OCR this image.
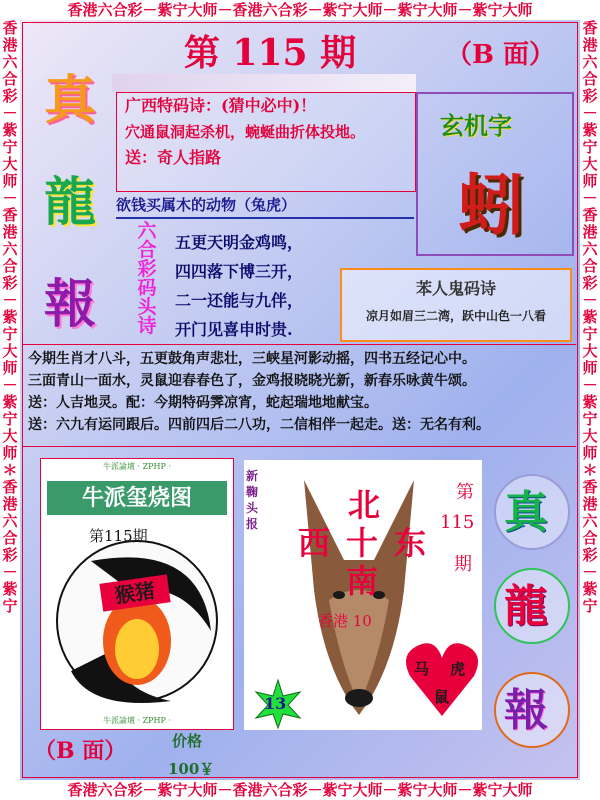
香港六合彩－紫宁大师－香港六合彩－紫宁大师－紫宁大师－紫宁大师
香港六合彩－紫宁大师－香港六合彩－紫宁大师－紫宁大师－紫宁大师
香港六合彩－紫宁大师－香港六合彩－紫宁大师－紫宁大师＊香港六合彩－紫宁
香港六合彩－紫宁大师－香港六合彩－紫宁大师－紫宁大师＊香港六合彩－紫宁
第 115 期	（B 面）
真
龍
報

广西特码诗：(猜中必中)！

穴通鼠洞起杀机，蜿蜒曲折体投地。

送：奇人指路

玄机字
蚓
欲钱买属木的动物（兔虎）
六合彩码头诗
五更天明金鸡鸣，
四四落下博三开，
二一还能与九伴，
开门见喜申时贵.
苯人鬼码诗
凉月如眉三二湾，跃中山色一八看
今期生肖才八斗，五更鼓角声悲壮，三峡星河影动摇，四书五经记心中。
三面青山一面水，灵鼠迎春春色了，金鸡报晓晓光新，新春乐咏黄牛颂。
送：人吉地灵。配：今期特码霁凉宵，蛇起瑞地地献宝。
送：六九有运同跟后。四前四后二八功，二信相伴一起走。送：无名有利。
牛派論壇 · ZPHP ·
牛派玺烧图
第115期
猴猪
牛派論壇 · ZPHP ·
新 鞠 头 报	北
西 十 东
南
香港 10
第
115
期
13
马 虎
鼠
真
龍
報
（B 面）	价格
100￥
